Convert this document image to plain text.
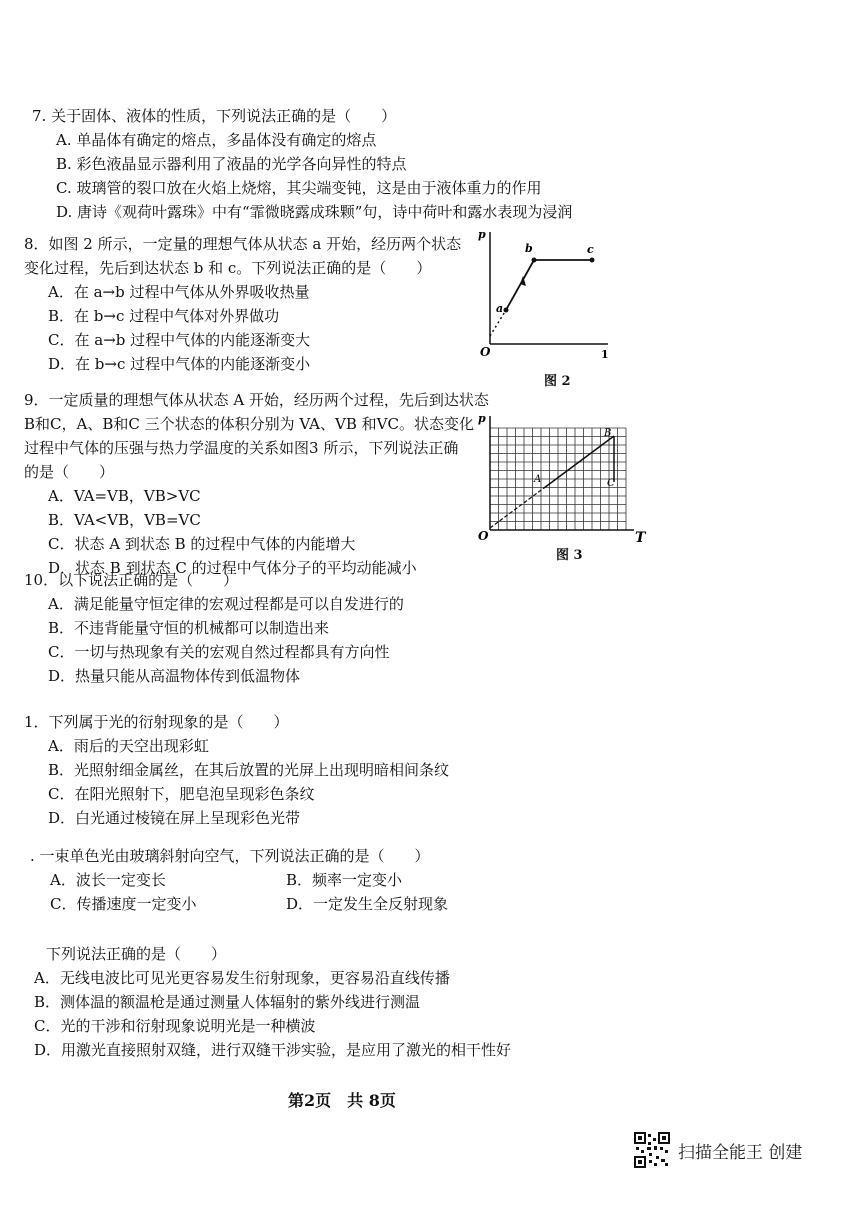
7. 关于固体、液体的性质，下列说法正确的是（　　）
A. 单晶体有确定的熔点，多晶体没有确定的熔点
B. 彩色液晶显示器利用了液晶的光学各向异性的特点
C. 玻璃管的裂口放在火焰上烧熔，其尖端变钝，这是由于液体重力的作用
D. 唐诗《观荷叶露珠》中有“霏微晓露成珠颗”句，诗中荷叶和露水表现为浸润
8．如图 2 所示，一定量的理想气体从状态 a 开始，经历两个状态
变化过程，先后到达状态 b 和 c。下列说法正确的是（　　）
A．在 a→b 过程中气体从外界吸收热量
B．在 b→c 过程中气体对外界做功
C．在 a→b 过程中气体的内能逐渐变大
D．在 b→c 过程中气体的内能逐渐变小
p
1
O
a
b	c
图 2
9．一定质量的理想气体从状态 A 开始，经历两个过程，先后到达状态
B和C，A、B和C 三个状态的体积分别为 VA、VB 和VC。状态变化
过程中气体的压强与热力学温度的关系如图3 所示，下列说法正确
的是（　　）
A．VA=VB，VB>VC
B．VA<VB，VB=VC
C．状态 A 到状态 B 的过程中气体的内能增大
D．状态 B 到状态 C 的过程中气体分子的平均动能减小
p
T
O
A
B
C
图 3
10．以下说法正确的是（　　）
A．满足能量守恒定律的宏观过程都是可以自发进行的
B．不违背能量守恒的机械都可以制造出来
C．一切与热现象有关的宏观自然过程都具有方向性
D．热量只能从高温物体传到低温物体
1．下列属于光的衍射现象的是（　　）
A．雨后的天空出现彩虹
B．光照射细金属丝，在其后放置的光屏上出现明暗相间条纹
C．在阳光照射下，肥皂泡呈现彩色条纹
D．白光通过棱镜在屏上呈现彩色光带
. 一束单色光由玻璃斜射向空气，下列说法正确的是（　　）
A．波长一定变长	B．频率一定变小
C．传播速度一定变小	D．一定发生全反射现象
下列说法正确的是（　　）
A．无线电波比可见光更容易发生衍射现象，更容易沿直线传播
B．测体温的额温枪是通过测量人体辐射的紫外线进行测温
C．光的干涉和衍射现象说明光是一种横波
D．用激光直接照射双缝，进行双缝干涉实验，是应用了激光的相干性好
第2页　共 8页
扫描全能王 创建
